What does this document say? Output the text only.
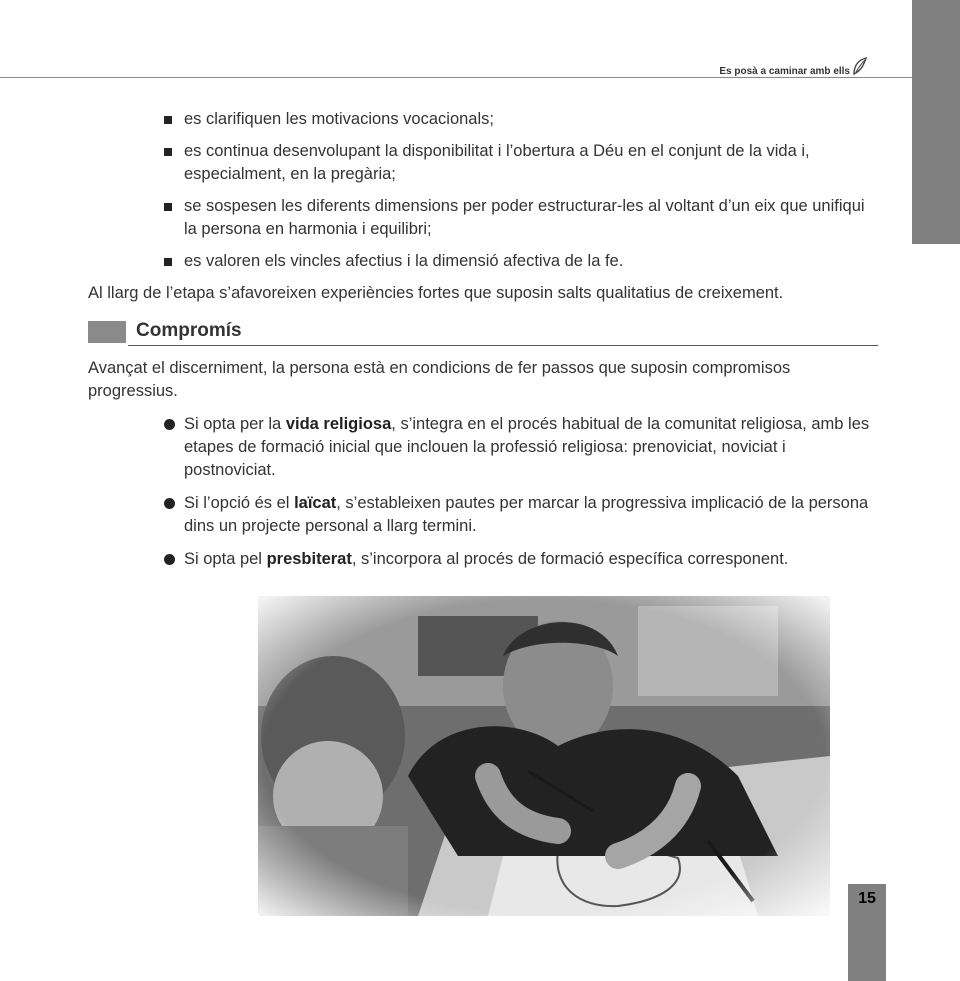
Es posà a caminar amb ells
es clarifiquen les motivacions vocacionals;
es continua desenvolupant la disponibilitat i l’obertura a Déu en el conjunt de la vida i, especialment, en la pregària;
se sospesen les diferents dimensions per poder estructurar-les al voltant d’un eix que unifiqui la persona en harmonia i equilibri;
es valoren els vincles afectius i la dimensió afectiva de la fe.

Al llarg de l’etapa s’afavoreixen experiències fortes que suposin salts qualitatius de creixement.

Compromís

Avançat el discerniment, la persona està en condicions de fer passos que suposin compromisos progressius.

Si opta per la vida religiosa, s’integra en el procés habitual de la comunitat religiosa, amb les etapes de formació inicial que inclouen la professió religiosa: prenoviciat, noviciat i postnoviciat.
Si l’opció és el laïcat, s’estableixen pautes per marcar la progressiva implicació de la persona dins un projecte personal a llarg termini.
Si opta pel presbiterat, s’incorpora al procés de formació específica corresponent.
15
